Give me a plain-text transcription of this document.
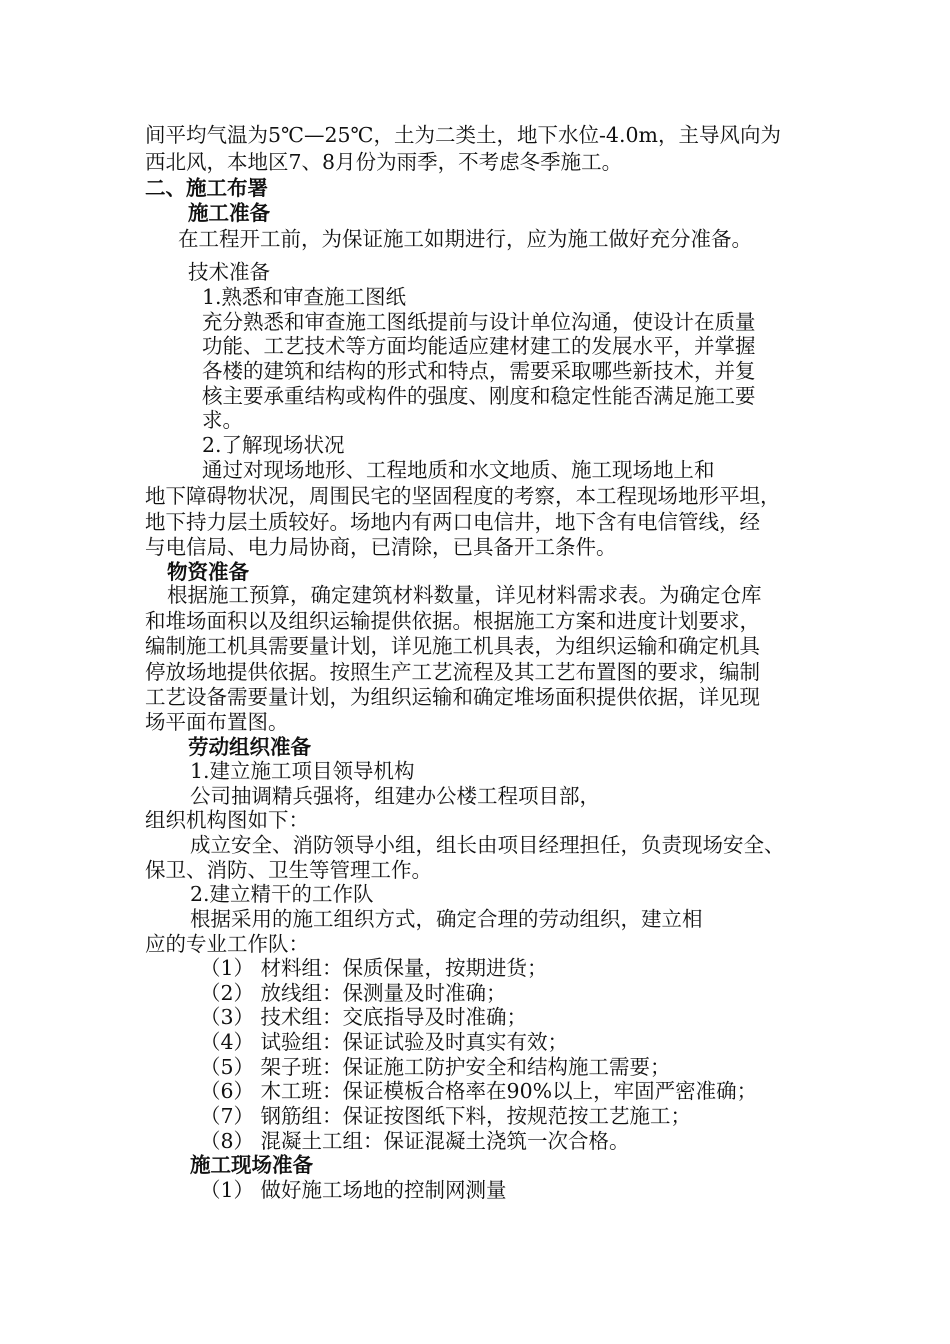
间平均气温为5℃—25℃，土为二类土，地下水位-4.0m，主导风向为
西北风，本地区7、8月份为雨季，不考虑冬季施工。
二、施工布署
施工准备
在工程开工前，为保证施工如期进行，应为施工做好充分准备。
技术准备
1.熟悉和审查施工图纸
充分熟悉和审查施工图纸提前与设计单位沟通，使设计在质量
功能、工艺技术等方面均能适应建材建工的发展水平，并掌握
各楼的建筑和结构的形式和特点，需要采取哪些新技术，并复
核主要承重结构或构件的强度、刚度和稳定性能否满足施工要
求。
2.了解现场状况
通过对现场地形、工程地质和水文地质、施工现场地上和
地下障碍物状况，周围民宅的坚固程度的考察，本工程现场地形平坦，
地下持力层土质较好。场地内有两口电信井，地下含有电信管线，经
与电信局、电力局协商，已清除，已具备开工条件。
物资准备
根据施工预算，确定建筑材料数量，详见材料需求表。为确定仓库
和堆场面积以及组织运输提供依据。根据施工方案和进度计划要求，
编制施工机具需要量计划，详见施工机具表，为组织运输和确定机具
停放场地提供依据。按照生产工艺流程及其工艺布置图的要求，编制
工艺设备需要量计划，为组织运输和确定堆场面积提供依据，详见现
场平面布置图。
劳动组织准备
1.建立施工项目领导机构
公司抽调精兵强将，组建办公楼工程项目部，
组织机构图如下：
成立安全、消防领导小组，组长由项目经理担任，负责现场安全、
保卫、消防、卫生等管理工作。
2.建立精干的工作队
根据采用的施工组织方式，确定合理的劳动组织，建立相
应的专业工作队：
（1） 材料组：保质保量，按期进货；
（2） 放线组：保测量及时准确；
（3） 技术组：交底指导及时准确；
（4） 试验组：保证试验及时真实有效；
（5） 架子班：保证施工防护安全和结构施工需要；
（6） 木工班：保证模板合格率在90%以上，牢固严密准确；
（7） 钢筋组：保证按图纸下料，按规范按工艺施工；
（8） 混凝土工组：保证混凝土浇筑一次合格。
施工现场准备
（1） 做好施工场地的控制网测量
